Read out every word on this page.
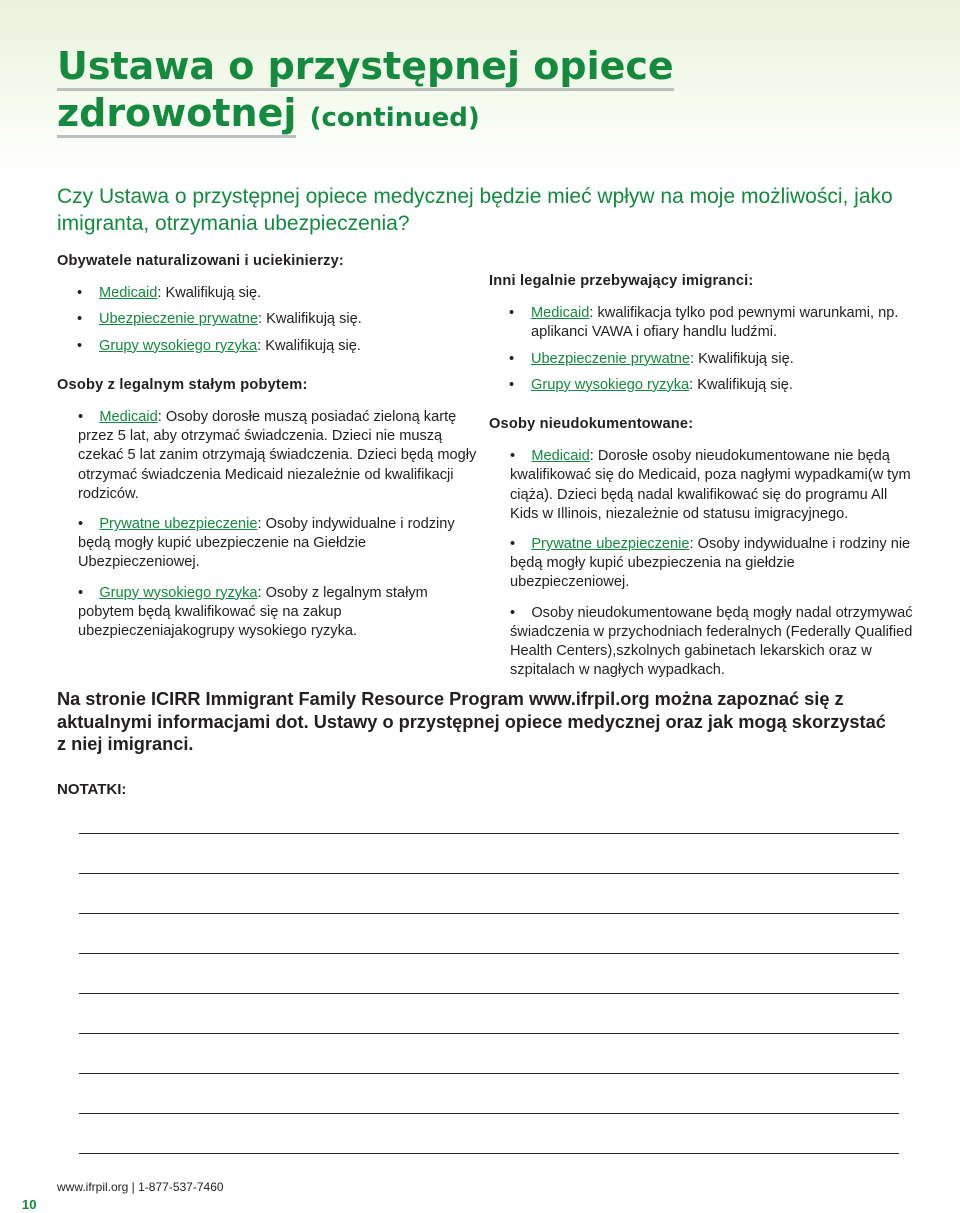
Ustawa o przystępnej opiece
zdrowotnej (continued)
Czy Ustawa o przystępnej opiece medycznej będzie mieć wpływ na moje możliwości, jako imigranta, otrzymania ubezpieczenia?
Obywatele naturalizowani i uciekinierzy:
• Medicaid: Kwalifikują się.
• Ubezpieczenie prywatne: Kwalifikują się.
• Grupy wysokiego ryzyka: Kwalifikują się.
Osoby z legalnym stałym pobytem:
•    Medicaid: Osoby dorosłe muszą posiadać zieloną kartę przez 5 lat, aby otrzymać świadczenia. Dzieci nie muszą czekać 5 lat zanim otrzymają świadczenia. Dzieci będą mogły otrzymać świadczenia Medicaid niezależnie od kwalifikacji rodziców.
•    Prywatne ubezpieczenie: Osoby indywidualne i rodziny będą mogły kupić ubezpieczenie na Giełdzie Ubezpieczeniowej.
•    Grupy wysokiego ryzyka: Osoby z legalnym stałym pobytem będą kwalifikować się na zakup ubezpieczeniajakogrupy wysokiego ryzyka.
Inni legalnie przebywający imigranci:
• Medicaid: kwalifikacja tylko pod pewnymi warunkami, np. aplikanci VAWA i ofiary handlu ludźmi.
• Ubezpieczenie prywatne: Kwalifikują się.
• Grupy wysokiego ryzyka: Kwalifikują się.
Osoby nieudokumentowane:
•    Medicaid: Dorosłe osoby nieudokumentowane nie będą kwalifikować się do Medicaid, poza nagłymi wypadkami(w tym ciąża). Dzieci będą nadal kwalifikować się do programu All Kids w Illinois, niezależnie od statusu imigracyjnego.
•    Prywatne ubezpieczenie: Osoby indywidualne i rodziny nie będą mogły kupić ubezpieczenia na giełdzie ubezpieczeniowej.
•    Osoby nieudokumentowane będą mogły nadal otrzymywać świadczenia w przychodniach federalnych (Federally Qualified Health Centers),szkolnych gabinetach lekarskich oraz w szpitalach w nagłych wypadkach.
Na stronie ICIRR Immigrant Family Resource Program www.ifrpil.org można zapoznać się z aktualnymi informacjami dot. Ustawy o przystępnej opiece medycznej oraz jak mogą skorzystać z niej imigranci.
NOTATKI:
www.ifrpil.org | 1-877-537-7460
10
